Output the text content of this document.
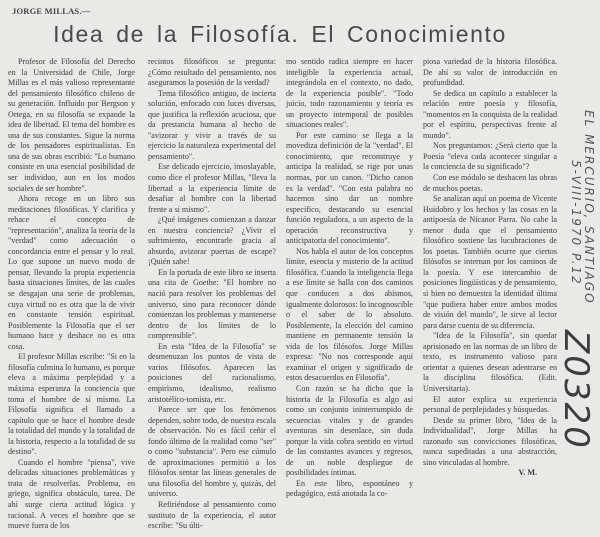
JORGE MILLAS.—
Idea de la Filosofía. El Conocimiento

Profesor de Filosofía del Derecho en la Universidad de Chile, Jorge Millas es el más valioso representante del pensamiento filosófico chileno de su generación. Influido por Bergson y Ortega, en su filosofía se expande la idea de libertad. El tema del hombre es una de sus constantes. Sigue la norma de los pensadores espiritualistas. En una de sus obras escribió: "Lo humano consiste en una esencial posibilidad de ser individuo, aun en los modos sociales de ser hombre".

Ahora recoge en un libro sus meditaciones filosóficas. Y clarifica y rehace el concepto de "representación", analiza la teoría de la "verdad" como adecuación o concordancia entre el pensar y lo real. Lo que supone un nuevo modo de pensar, llevando la propia experiencia hasta situaciones límites, de las cuales se desgajan una serie de problemas, cuya virtud no es otra que la de vivir en constante tensión espiritual. Posiblemente la Filosofía que el ser humano hace y deshace no es otra cosa.

El profesor Millas escribe: "Si en la filosofía culmina lo humano, es porque eleva a máxima perplejidad y a máxima esperanza la conciencia que toma el hombre de sí mismo. La Filosofía significa el llamado a capítulo que se hace el hombre desde la totalidad del mundo y la totalidad de la historia, respecto a la totalidad de su destino".

Cuando el hombre "piensa", vive delicadas situaciones problemáticas y trata de resolverlas. Problema, en griego, significa obstáculo, tarea. De ahí surge cierta actitud lógica y racional. A veces el hombre que se mueve fuera de los

recintos filosóficos se pregunta: ¿Cómo resultado del pensamiento, nos aseguramos la posesión de la verdad?

Tema filosófico antiguo, de incierta solución, enfocado con luces diversas, que justifica la reflexión acuciosa, que da prestancia humana al hecho de "avizorar y vivir a través de su ejercicio la naturaleza experimental del pensamiento".

Ese delicado ejercicio, insoslayable, como dice el profesor Millas, "lleva la libertad a la experiencia límite de desafiar al hombre con la libertad frente a sí mismo".

¿Qué imágenes comienzan a danzar en nuestra conciencia? ¿Vivir el sufrimiento, encontrarle gracia al absurdo, avizorar puertas de escape? ¡Quién sabe!

En la portada de este libro se inserta una cita de Goethe: "El hombre no nació para resolver los problemas del universo, sino para reconocer dónde comienzan los problemas y mantenerse dentro de los límites de lo comprensible".

En esta "Idea de la Filosofía" se desmenuzan los puntos de vista de varios filósofos. Aparecen las posiciones del racionalismo, empirismo, idealismo, realismo aristotélico-tomista, etc.

Parece ser que los fenómenos dependen, sobre todo, de nuestra escala de observación. No es fácil ceñir el fondo último de la realidad como "ser" o como "substancia". Pero ese cúmulo de aproximaciones permitió a los filósofos sentar las líneas generales de una filosofía del hombre y, quizás, del universo.

Refiriéndose al pensamiento como sustituto de la experiencia, el autor escribe: "Su últi-

mo sentido radica siempre en hacer inteligible la experiencia actual, integrándola en el contexto, no dado, de la experiencia posible". "Todo juicio, todo razonamiento y teoría es un proyecto intemporal de posibles situaciones reales".

Por este camino se llega a la movediza definición de la "verdad". El conocimiento, que reconstruye y anticipa la realidad, se rige por unas normas, por un canon. "Dicho canon es la verdad". "Con esta palabra no hacemos sino dar un nombre específico, destacando su esencial función reguladora, a un aspecto de la operación reconstructiva y anticipatoria del conocimiento".

Nos habla el autor de los conceptos límite, esencia y misterio de la actitud filosófica. Cuando la inteligencia llega a ese límite se halla con dos caminos que conducen a dos abismos, igualmente dolorosos: lo incognoscible o el saber de lo absoluto. Posiblemente, la elección del camino mantiene en permanente tensión la vida de los filósofos. Jorge Millas expresa: "No nos corresponde aquí examinar el origen y significado de estos desacuerdos en Filosofía".

Con razón se ha dicho que la historia de la Filosofía es algo así como un conjunto ininterrumpido de secuencias vitales y de grandes aventuras sin desenlace, sin duda porque la vida cobra sentido en virtud de las constantes avances y regresos, de un noble despliegue de posibilidades íntimas.

En este libro, espontáneo y pedagógico, está anotada la co-

piosa variedad de la historia filosófica. De ahí su valor de introducción en profundidad.

Se dedica un capítulo a establecer la relación entre poesía y filosofía, "momentos en la conquista de la realidad por el espíritu, perspectivas frente al mundo".

Nos preguntamos: ¿Será cierto que la Poesía "eleva cada acontecer singular a la conciencia de su significado"?

Con ese módulo se deshacen las obras de muchos poetas.

Se analizan aquí un poema de Vicente Huidobro y los hechos y las cosas en la antipoesía de Nicanor Parra. No cabe la menor duda que el pensamiento filosófico sostiene las lucubraciones de los poetas. También ocurre que ciertos filósofos se internan por los caminos de la poesía. Y ese intercambio de posiciones lingüísticas y de pensamiento, si bien no demuestra la identidad última "que pudiera haber entre ambos modos de visión del mundo", le sirve al lector para darse cuenta de su diferencia.

"Idea de la Filosofía", sin quedar aprisionado en las normas de un libro de texto, es instrumento valioso para orientar a quienes desean adentrarse en la disciplina filosófica. (Edit. Universitaria).

El autor explica su experiencia personal de perplejidades y búsquedas.

Desde su primer libro, "Idea de la Individualidad", Jorge Millas ha razonado sus convicciones filosóficas, nunca supeditadas a una abstracción, sino vinculadas al hombre.

V. M.

EL MERCURIO, SANTIAGO
5-VIII-1970 P.12
Z0320
